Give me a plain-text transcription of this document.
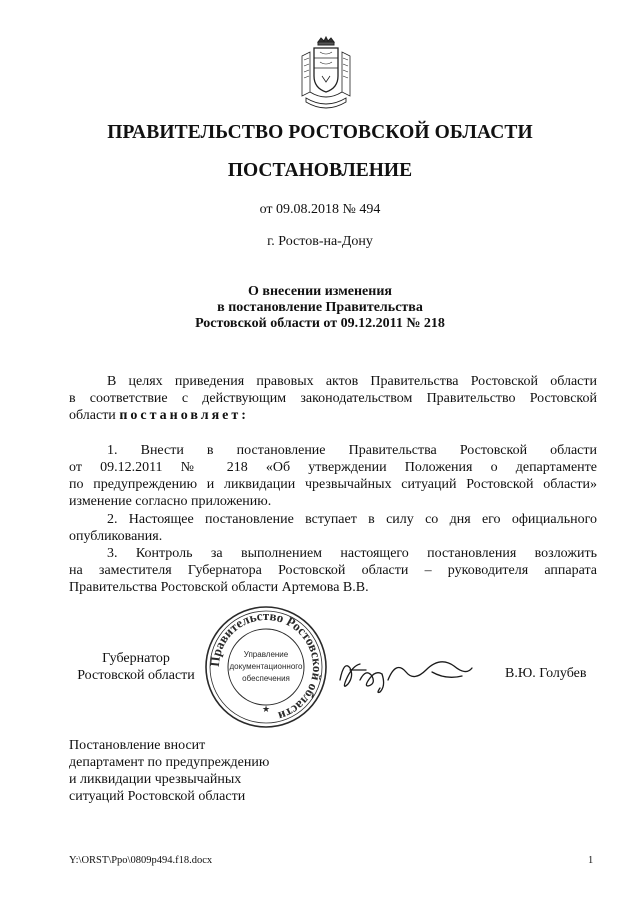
ПРАВИТЕЛЬСТВО РОСТОВСКОЙ ОБЛАСТИ
ПОСТАНОВЛЕНИЕ
от 09.08.2018 № 494
г. Ростов-на-Дону
О внесении изменения
в постановление Правительства
Ростовской области от 09.12.2011 № 218
В целях приведения правовых актов Правительства Ростовской области
в соответствие с действующим законодательством Правительство Ростовской
области постановляет:
1. Внести в постановление Правительства Ростовской области
от 09.12.2011 № 218 «Об утверждении Положения о департаменте
по предупреждению и ликвидации чрезвычайных ситуаций Ростовской области»
изменение согласно приложению.
2. Настоящее постановление вступает в силу со дня его официального
опубликования.
3. Контроль за выполнением настоящего постановления возложить
на заместителя Губернатора Ростовской области – руководителя аппарата
Правительства Ростовской области Артемова В.В.
Губернатор
Ростовской области
Правительство Ростовской области
★
Управление
документационного
обеспечения	В.Ю. Голубев
Постановление вносит
департамент по предупреждению
и ликвидации чрезвычайных
ситуаций Ростовской области
Y:\ORST\Ppo\0809p494.f18.docx	1
